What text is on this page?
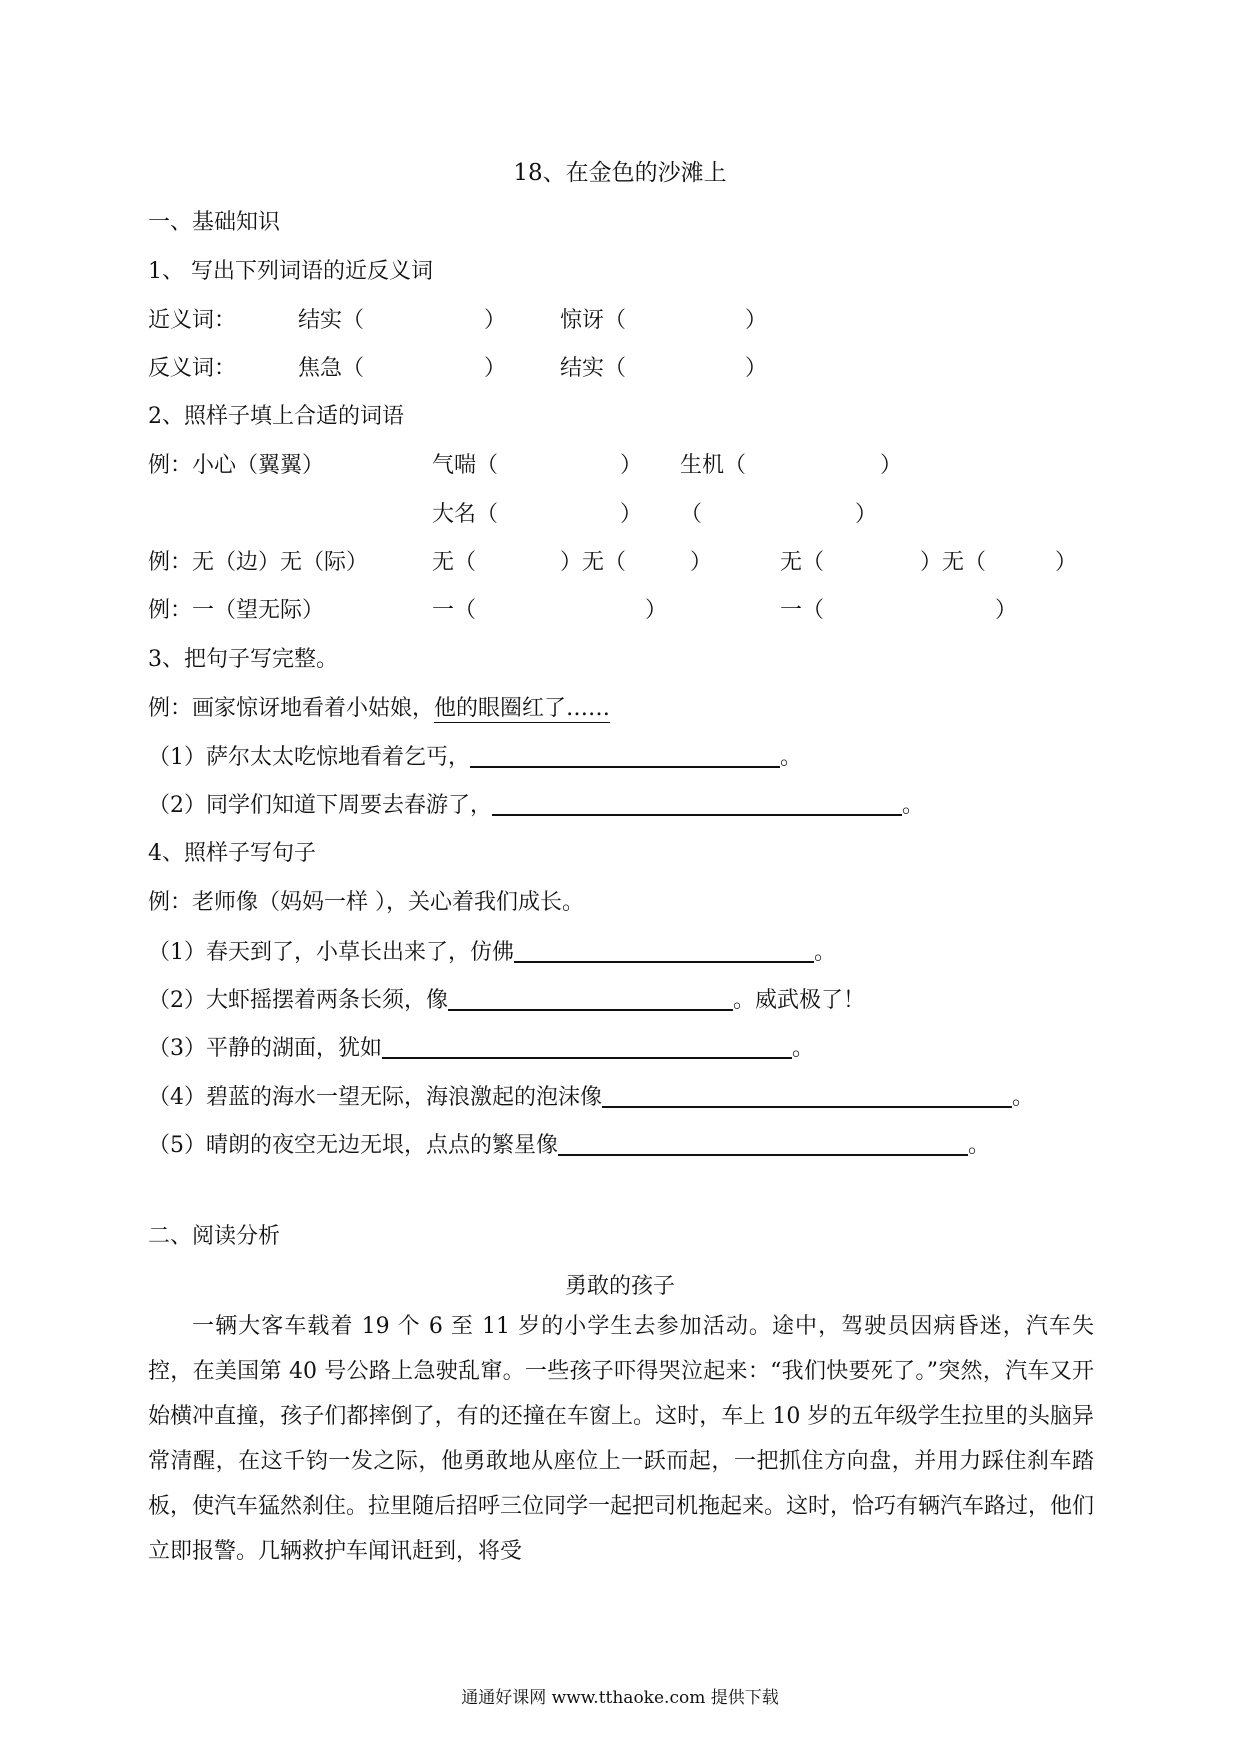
18、在金色的沙滩上
一、基础知识
1、 写出下列词语的近反义词
近义词：	结实（	） 惊讶（	）
反义词：	焦急（	） 结实（	）
2、照样子填上合适的词语
例：小心（翼翼）	气喘（	） 生机（	）
大名（	） （	）
例：无（边）无（际）	无（	）无（	）	无（	）无（	）
例：一（望无际）	一（	）	一（	）
3、把句子写完整。
例：画家惊讶地看着小姑娘，他的眼圈红了……
（1）萨尔太太吃惊地看着乞丐，	。
（2）同学们知道下周要去春游了，	。
4、照样子写句子
例：老师像（妈妈一样 ），关心着我们成长。
（1）春天到了，小草长出来了，仿佛	。
（2）大虾摇摆着两条长须，像	。威武极了！
（3）平静的湖面，犹如	。
（4）碧蓝的海水一望无际，海浪激起的泡沫像	。
（5）晴朗的夜空无边无垠，点点的繁星像	。
二、阅读分析
勇敢的孩子
一辆大客车载着 19 个 6 至 11 岁的小学生去参加活动。途中，驾驶员因病昏迷，汽车失控，在美国第 40 号公路上急驶乱窜。一些孩子吓得哭泣起来：“我们快要死了。”突然，汽车又开始横冲直撞，孩子们都摔倒了，有的还撞在车窗上。这时，车上 10 岁的五年级学生拉里的头脑异常清醒，在这千钧一发之际，他勇敢地从座位上一跃而起，一把抓住方向盘，并用力踩住刹车踏板，使汽车猛然刹住。拉里随后招呼三位同学一起把司机拖起来。这时，恰巧有辆汽车路过，他们立即报警。几辆救护车闻讯赶到，将受
通通好课网 www.tthaoke.com 提供下载
